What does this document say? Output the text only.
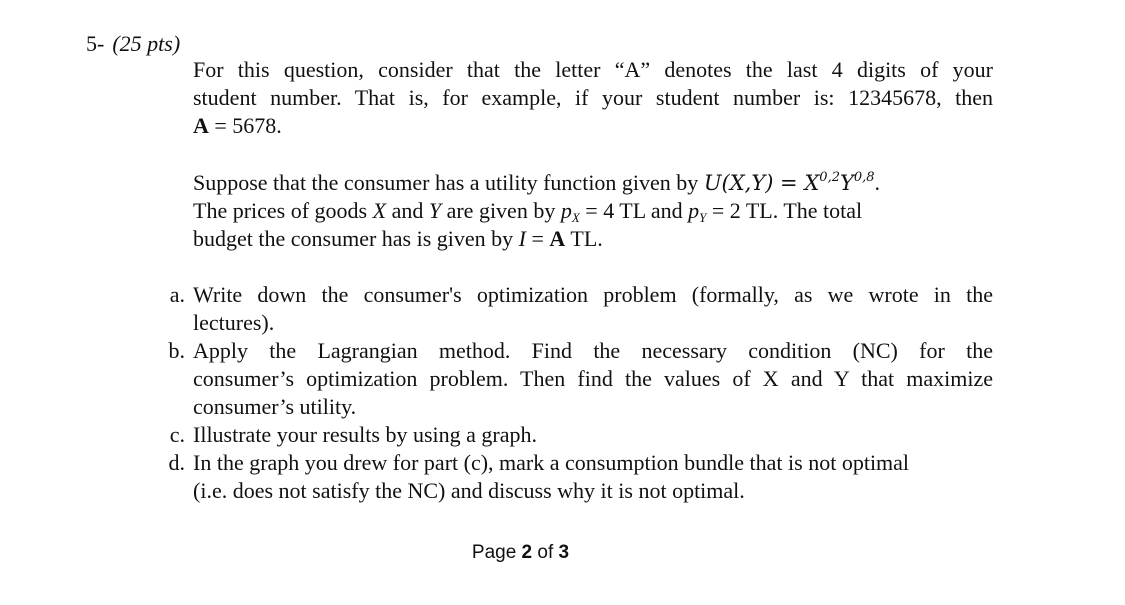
5- (25 pts)
For this question, consider that the letter “A” denotes the last 4 digits of your
student number. That is, for example, if your student number is: 12345678, then
A = 5678.
Suppose that the consumer has a utility function given by $U(X,Y) = X^{0,2}Y^{0,8}$.
The prices of goods X and Y are given by $p_X = 4$ TL and $p_Y = 2$ TL. The total
budget the consumer has is given by I = A TL.
a. Write down the consumer's optimization problem (formally, as we wrote in the
lectures).
b. Apply the Lagrangian method. Find the necessary condition (NC) for the
consumer’s optimization problem. Then find the values of X and Y that maximize
consumer’s utility.
c. Illustrate your results by using a graph.
d. In the graph you drew for part (c), mark a consumption bundle that is not optimal
(i.e. does not satisfy the NC) and discuss why it is not optimal.
Page 2 of 3
